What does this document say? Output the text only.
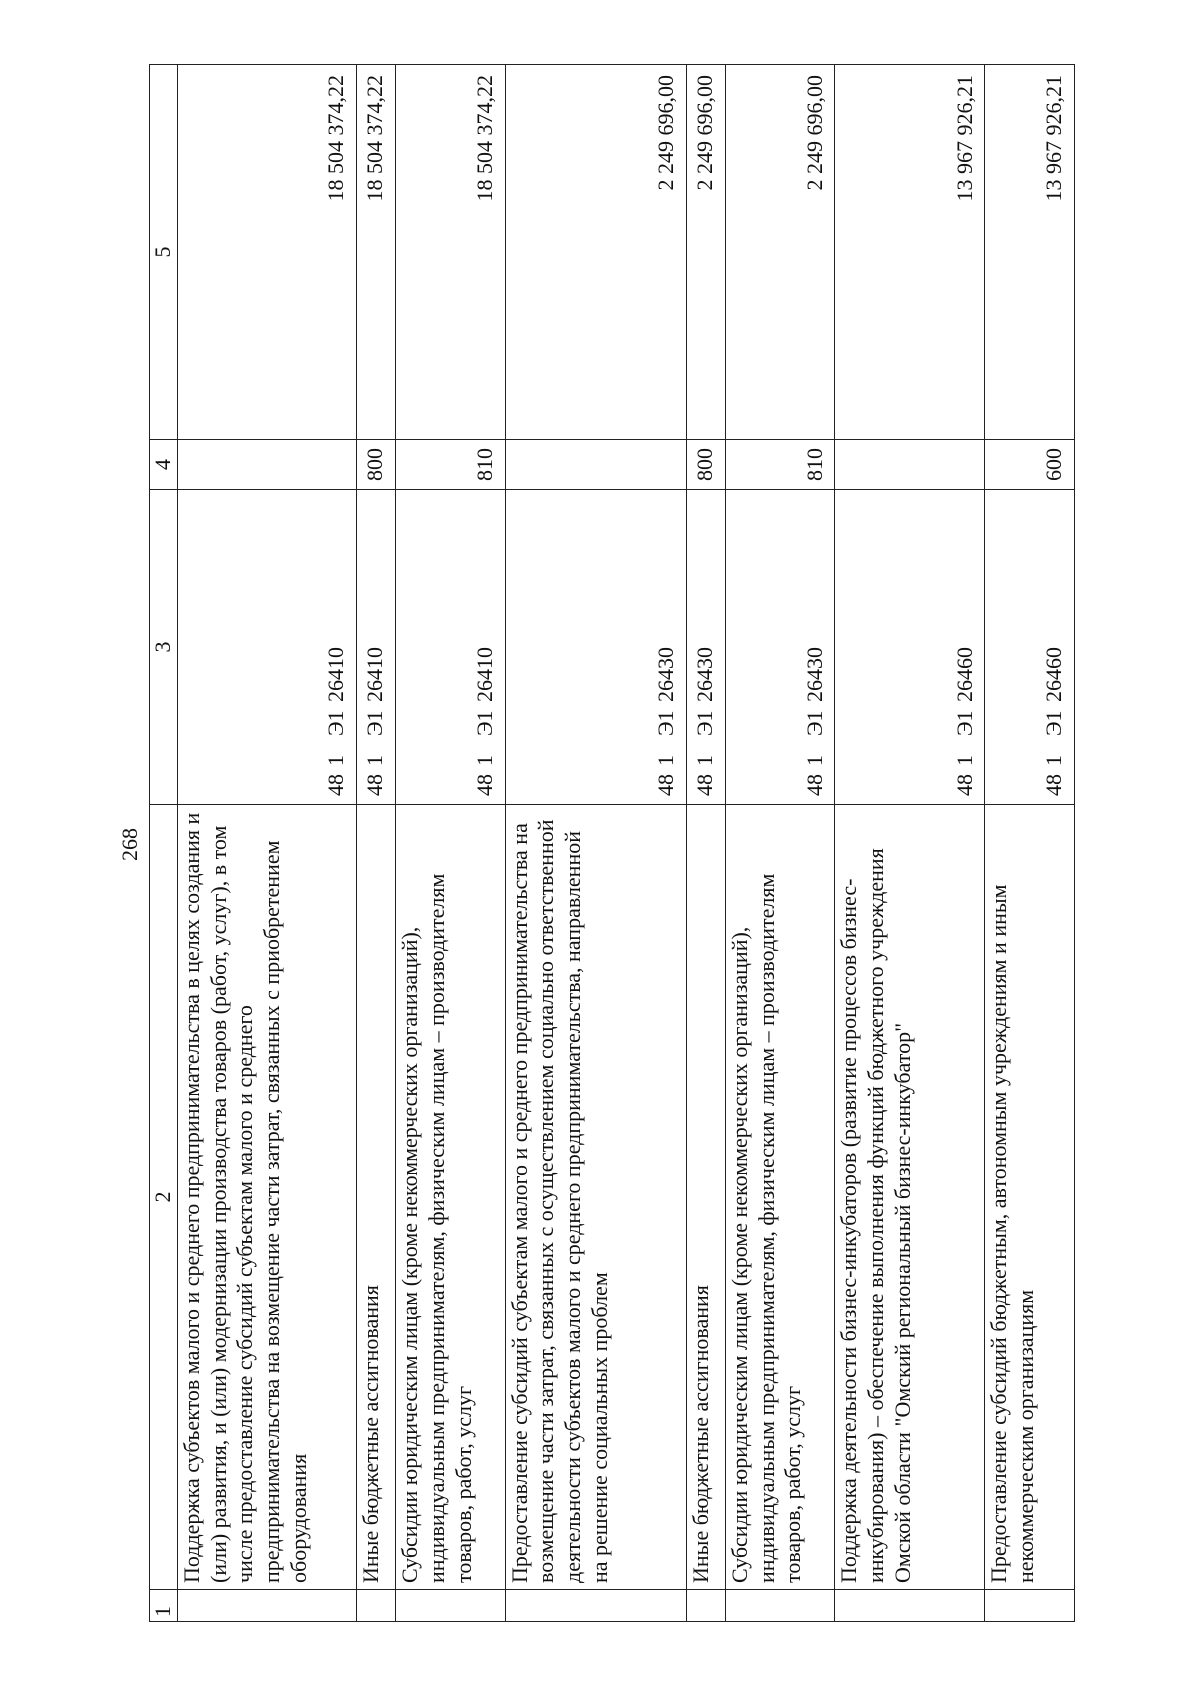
268
1	2	3	4	5
	Поддержка субъектов малого и среднего предпринимательства в целях создания и (или) развития, и (или) модернизации производства товаров (работ, услуг), в том числе предоставление субсидий субъектам малого и среднего предпринимательства на возмещение части затрат, связанных с приобретением оборудования	481Э126410		18 504 374,22
	Иные бюджетные ассигнования	481Э126410	800	18 504 374,22
	Субсидии юридическим лицам (кроме некоммерческих организаций), индивидуальным предпринимателям, физическим лицам – производителям товаров, работ, услуг	481Э126410	810	18 504 374,22
	Предоставление субсидий субъектам малого и среднего предпринимательства на возмещение части затрат, связанных с осуществлением социально ответственной деятельности субъектов малого и среднего предпринимательства, направленной на решение социальных проблем	481Э126430		2 249 696,00
	Иные бюджетные ассигнования	481Э126430	800	2 249 696,00
	Субсидии юридическим лицам (кроме некоммерческих организаций), индивидуальным предпринимателям, физическим лицам – производителям товаров, работ, услуг	481Э126430	810	2 249 696,00
	Поддержка деятельности бизнес-инкубаторов (развитие процессов бизнес-инкубирования) – обеспечение выполнения функций бюджетного учреждения Омской области "Омский региональный бизнес-инкубатор"	481Э126460		13 967 926,21
	Предоставление субсидий бюджетным, автономным учреждениям и иным некоммерческим организациям	481Э126460	600	13 967 926,21
